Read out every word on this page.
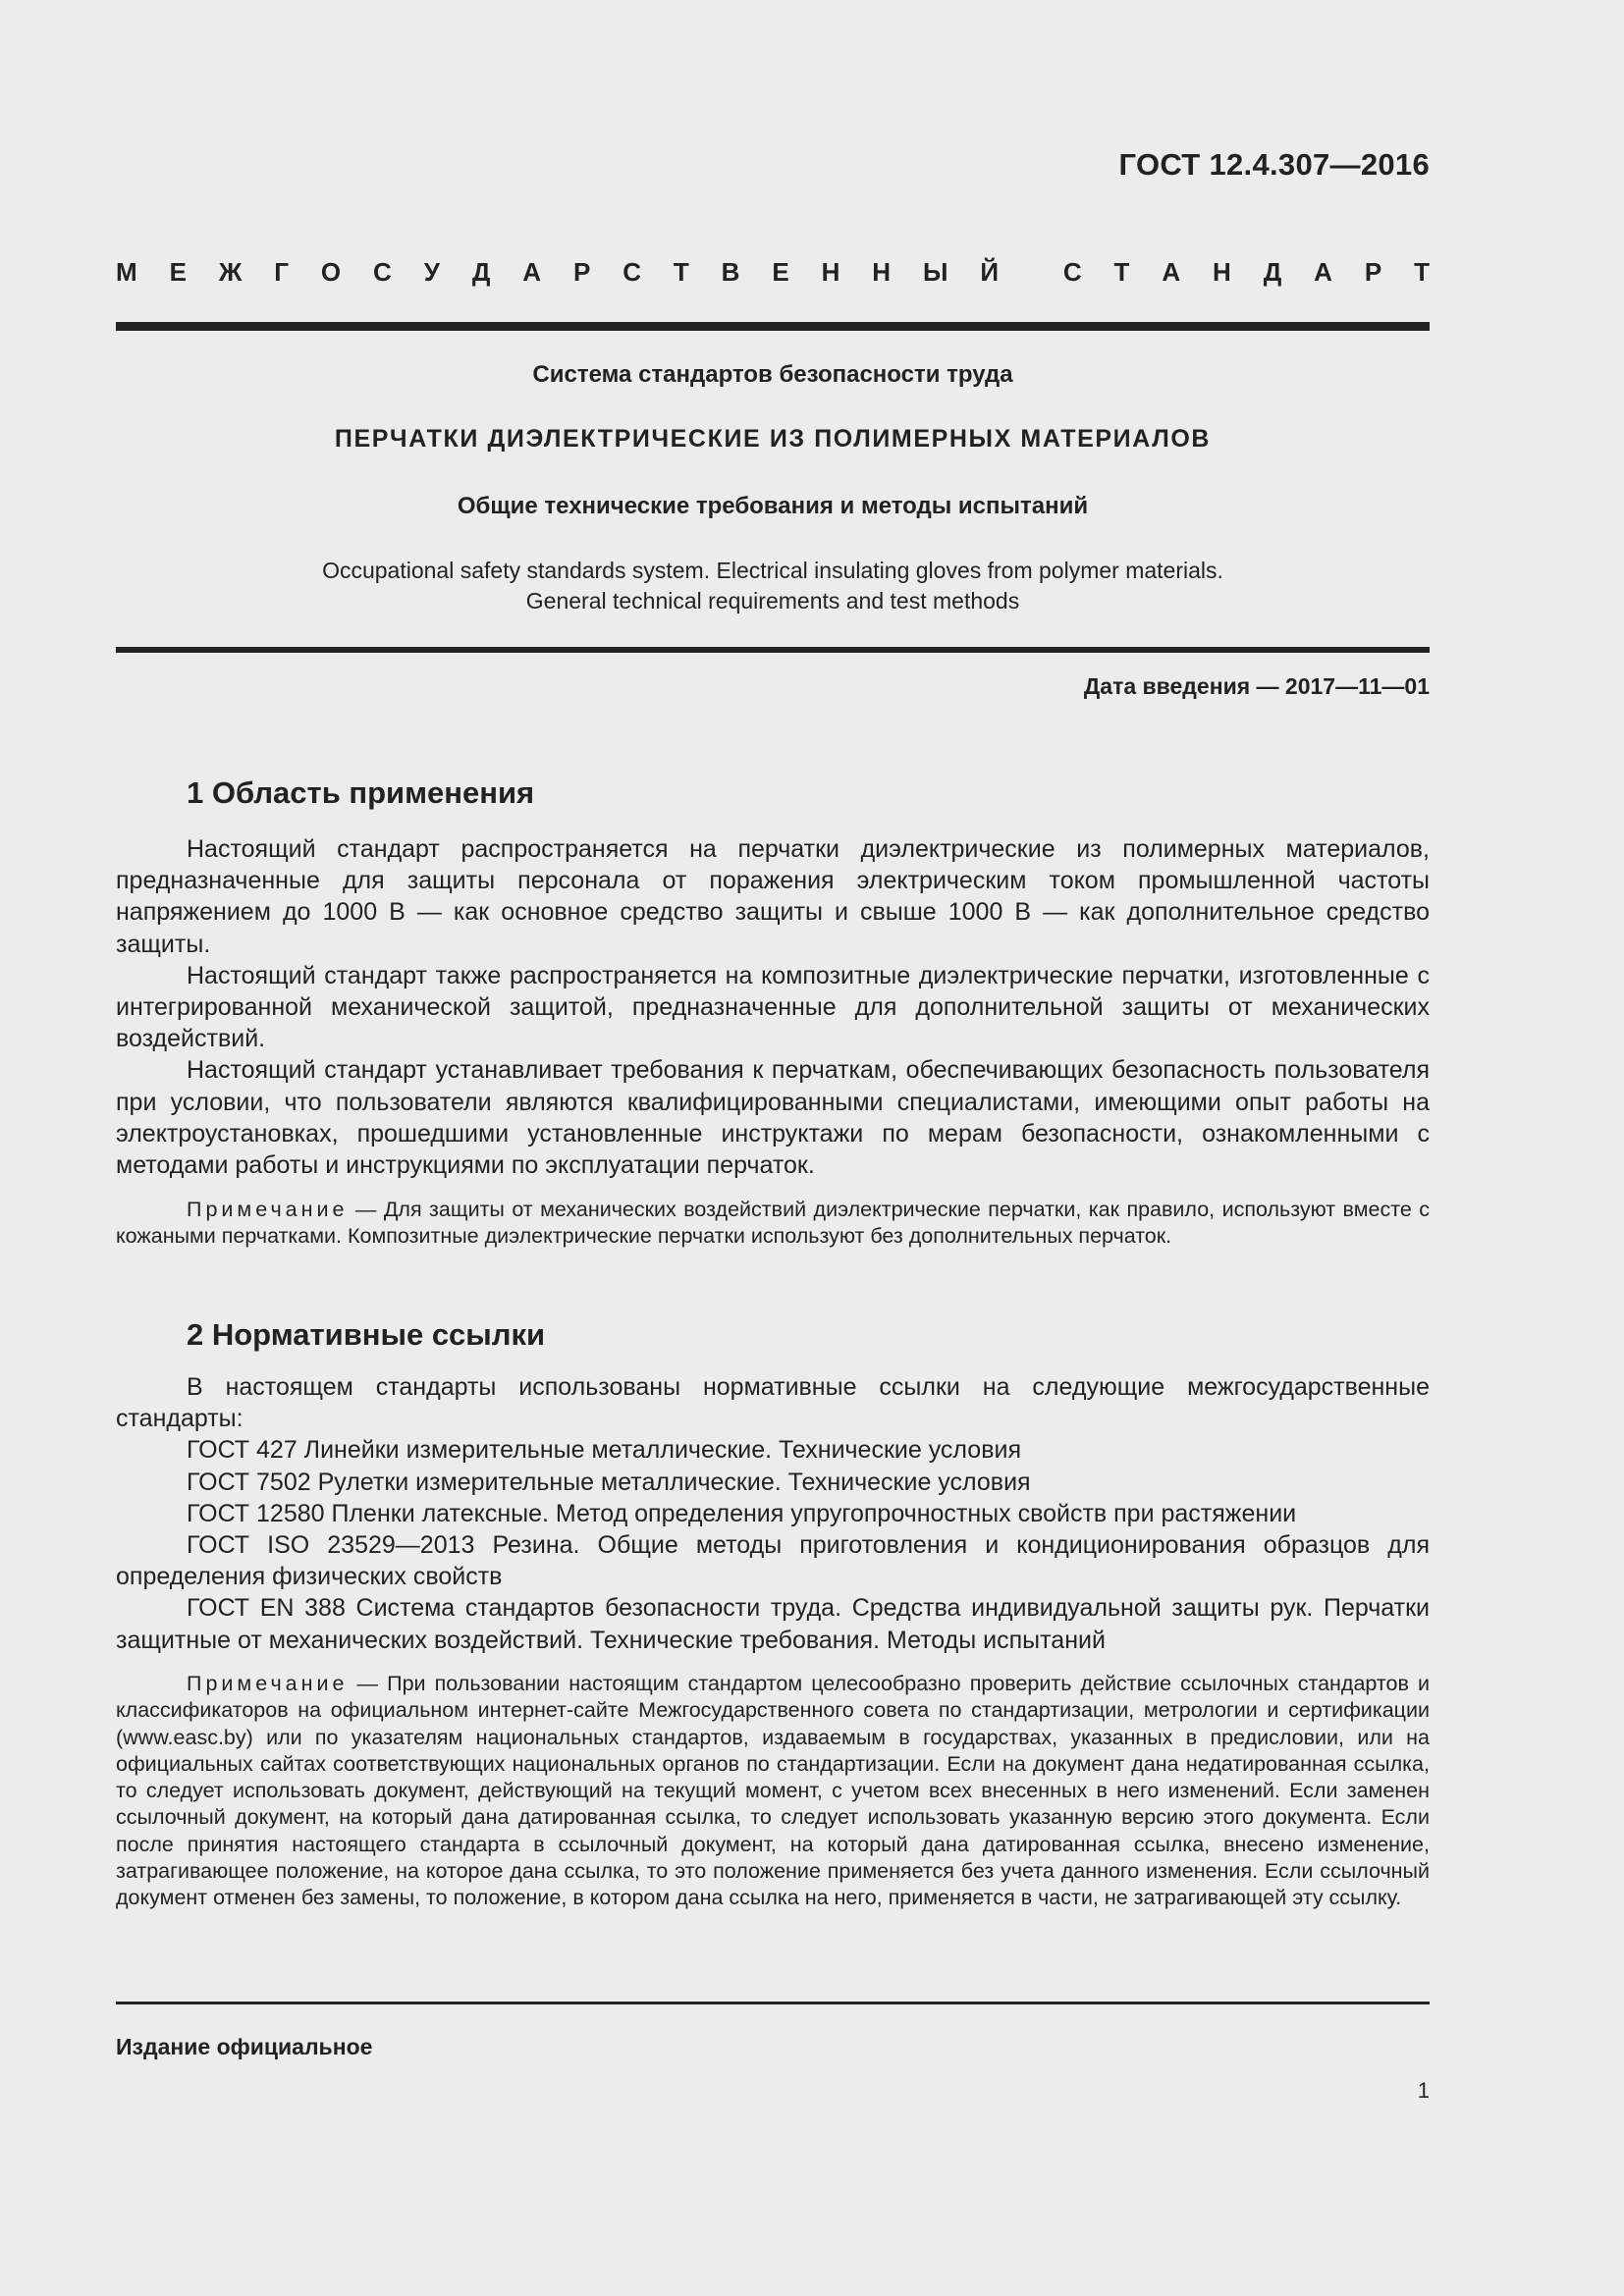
ГОСТ 12.4.307—2016
М Е Ж Г О С У Д А Р С Т В Е Н Н Ы Й	С Т А Н Д А Р Т
Система стандартов безопасности труда
ПЕРЧАТКИ ДИЭЛЕКТРИЧЕСКИЕ ИЗ ПОЛИМЕРНЫХ МАТЕРИАЛОВ
Общие технические требования и методы испытаний
Occupational safety standards system. Electrical insulating gloves from polymer materials.
General technical requirements and test methods
Дата введения — 2017—11—01
1 Область применения

Настоящий стандарт распространяется на перчатки диэлектрические из полимерных материалов, предназначенные для защиты персонала от поражения электрическим током промышленной частоты напряжением до 1000 В — как основное средство защиты и свыше 1000 В — как дополнительное средство защиты.

Настоящий стандарт также распространяется на композитные диэлектрические перчатки, изготовленные с интегрированной механической защитой, предназначенные для дополнительной защиты от механических воздействий.

Настоящий стандарт устанавливает требования к перчаткам, обеспечивающих безопасность пользователя при условии, что пользователи являются квалифицированными специалистами, имеющими опыт работы на электроустановках, прошедшими установленные инструктажи по мерам безопасности, ознакомленными с методами работы и инструкциями по эксплуатации перчаток.

Примечание — Для защиты от механических воздействий диэлектрические перчатки, как правило, используют вместе с кожаными перчатками. Композитные диэлектрические перчатки используют без дополнительных перчаток.

2 Нормативные ссылки

В настоящем стандарты использованы нормативные ссылки на следующие межгосударственные стандарты:

ГОСТ 427 Линейки измерительные металлические. Технические условия

ГОСТ 7502 Рулетки измерительные металлические. Технические условия

ГОСТ 12580 Пленки латексные. Метод определения упругопрочностных свойств при растяжении

ГОСТ ISO 23529—2013 Резина. Общие методы приготовления и кондиционирования образцов для определения физических свойств

ГОСТ EN 388 Система стандартов безопасности труда. Средства индивидуальной защиты рук. Перчатки защитные от механических воздействий. Технические требования. Методы испытаний

Примечание — При пользовании настоящим стандартом целесообразно проверить действие ссылочных стандартов и классификаторов на официальном интернет-сайте Межгосударственного совета по стандартизации, метрологии и сертификации (www.easc.by) или по указателям национальных стандартов, издаваемым в государствах, указанных в предисловии, или на официальных сайтах соответствующих национальных органов по стандартизации. Если на документ дана недатированная ссылка, то следует использовать документ, действующий на текущий момент, с учетом всех внесенных в него изменений. Если заменен ссылочный документ, на который дана датированная ссылка, то следует использовать указанную версию этого документа. Если после принятия настоящего стандарта в ссылочный документ, на который дана датированная ссылка, внесено изменение, затрагивающее положение, на которое дана ссылка, то это положение применяется без учета данного изменения. Если ссылочный документ отменен без замены, то положение, в котором дана ссылка на него, применяется в части, не затрагивающей эту ссылку.

Издание официальное
1
